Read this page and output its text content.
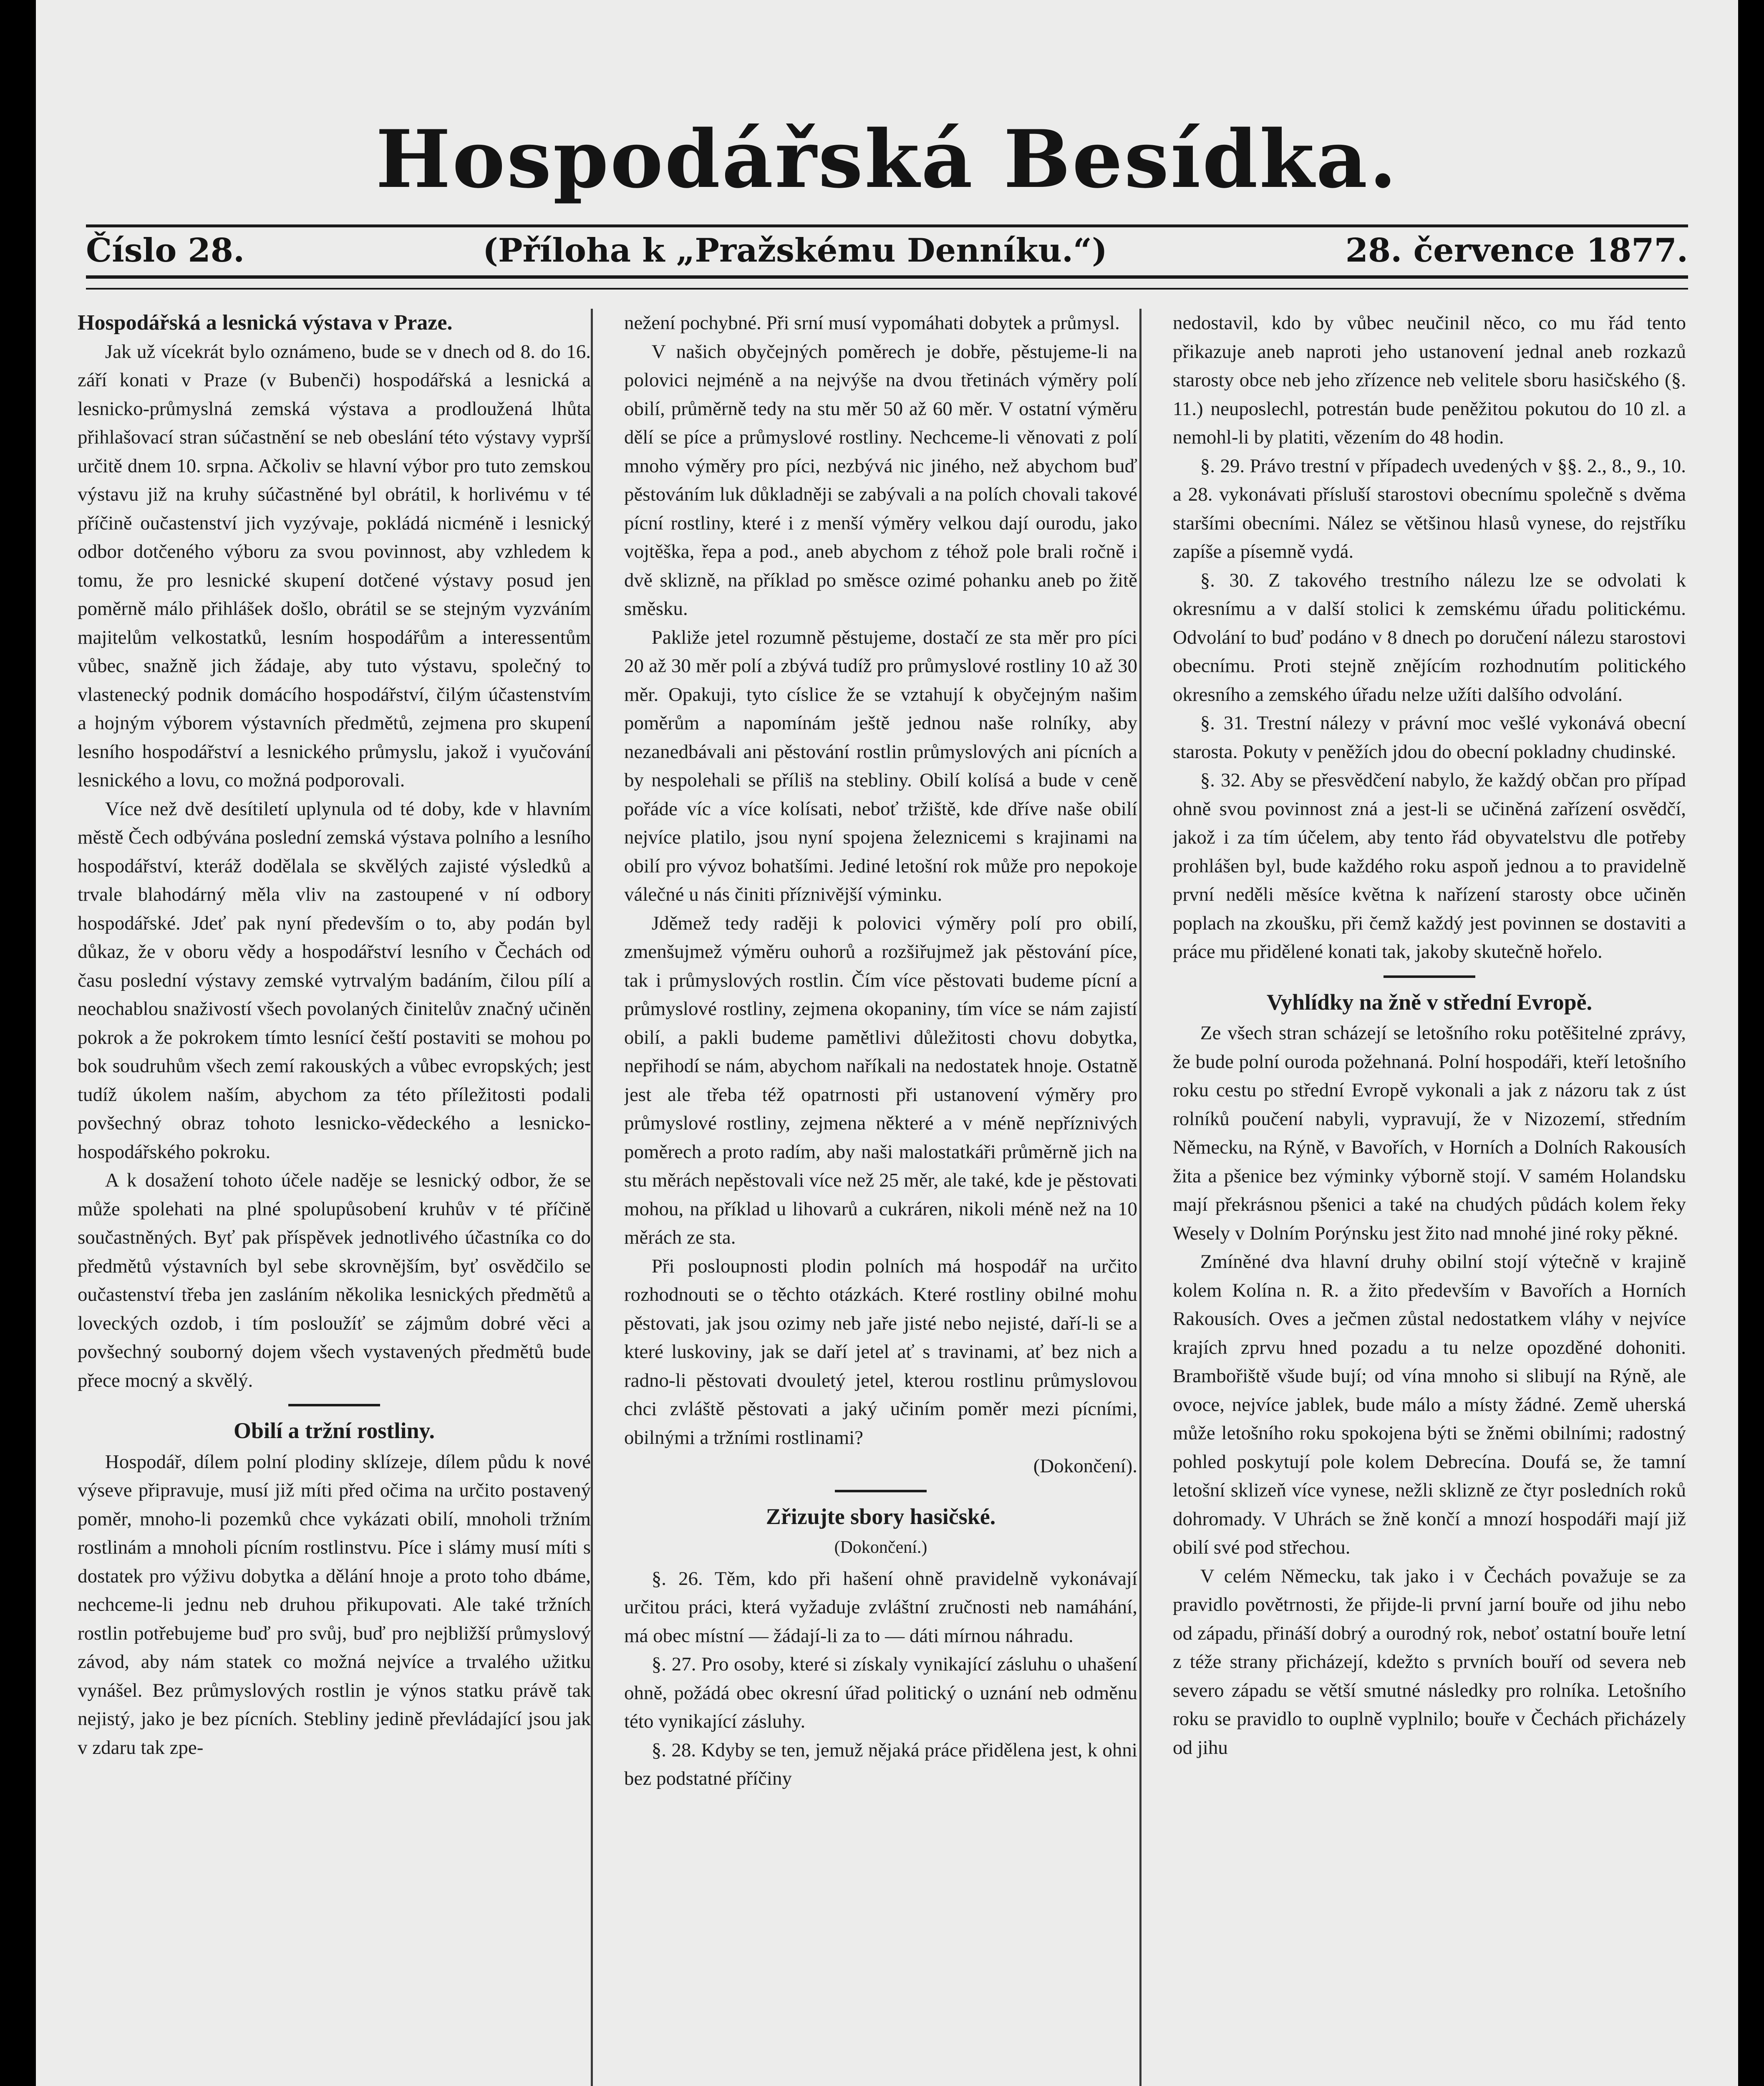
Hospodářská Besídka.
Číslo 28.	(Příloha k „Pražskému Denníku.“)	28. července 1877.

Hospodářská a lesnická výstava v Praze.

Jak už vícekrát bylo oznámeno, bude se v dnech od 8. do 16. září konati v Praze (v Bubenči) hospodářská a lesnická a lesnicko-průmyslná zemská výstava a prodloužená lhůta přihlašovací stran súčastnění se neb obeslání této výstavy vyprší určitě dnem 10. srpna. Ačkoliv se hlavní výbor pro tuto zemskou výstavu již na kruhy súčastněné byl obrátil, k horlivému v té příčině oučastenství jich vyzývaje, pokládá nicméně i lesnický odbor dotčeného výboru za svou povinnost, aby vzhledem k tomu, že pro lesnické skupení dotčené výstavy posud jen poměrně málo přihlášek došlo, obrátil se se stejným vyzváním majitelům velkostatků, lesním hospodářům a interessentům vůbec, snažně jich žádaje, aby tuto výstavu, společný to vlastenecký podnik domácího hospodářství, čilým účastenstvím a hojným výborem výstavních předmětů, zejmena pro skupení lesního hospodářství a lesnického průmyslu, jakož i vyučování lesnického a lovu, co možná podporovali.

Více než dvě desítiletí uplynula od té doby, kde v hlavním městě Čech odbývána poslední zemská výstava polního a lesního hospodářství, kteráž dodělala se skvělých zajisté výsledků a trvale blahodárný měla vliv na zastoupené v ní odbory hospodářské. Jdeť pak nyní především o to, aby podán byl důkaz, že v oboru vědy a hospodářství lesního v Čechách od času poslední výstavy zemské vytrvalým badáním, čilou pílí a neochablou snaživostí všech povolaných činitelův značný učiněn pokrok a že pokrokem tímto lesnící čeští postaviti se mohou po bok soudruhům všech zemí rakouských a vůbec evropských; jest tudíž úkolem naším, abychom za této příležitosti podali povšechný obraz tohoto lesnicko-vědeckého a lesnicko-hospodářského pokroku.

A k dosažení tohoto účele naděje se lesnický odbor, že se může spolehati na plné spolupůsobení kruhův v té příčině součastněných. Byť pak příspěvek jednotlivého účastníka co do předmětů výstavních byl sebe skrovnějším, byť osvědčilo se oučastenství třeba jen zasláním několika lesnických předmětů a loveckých ozdob, i tím posloužíť se zájmům dobré věci a povšechný souborný dojem všech vystavených předmětů bude přece mocný a skvělý.

Obilí a tržní rostliny.

Hospodář, dílem polní plodiny sklízeje, dílem půdu k nové výseve připravuje, musí již míti před očima na určito postavený poměr, mnoho-li pozemků chce vykázati obilí, mnoholi tržním rostlinám a mnoholi pícním rostlinstvu. Píce i slámy musí míti s dostatek pro výživu dobytka a dělání hnoje a proto toho dbáme, nechceme-li jednu neb druhou přikupovati. Ale také tržních rostlin potřebujeme buď pro svůj, buď pro nejbližší průmyslový závod, aby nám statek co možná nejvíce a trvalého užitku vynášel. Bez průmyslových rostlin je výnos statku právě tak nejistý, jako je bez pícních. Stebliny jedině převládající jsou jak v zdaru tak zpe-

nežení pochybné. Při srní musí vypomáhati dobytek a průmysl.

V našich obyčejných poměrech je dobře, pěstujeme-li na polovici nejméně a na nejvýše na dvou třetinách výměry polí obilí, průměrně tedy na stu měr 50 až 60 měr. V ostatní výměru dělí se píce a průmyslové rostliny. Nechceme-li věnovati z polí mnoho výměry pro píci, nezbývá nic jiného, než abychom buď pěstováním luk důkladněji se zabývali a na polích chovali takové pícní rostliny, které i z menší výměry velkou dají ourodu, jako vojtěška, řepa a pod., aneb abychom z téhož pole brali ročně i dvě sklizně, na příklad po směsce ozimé pohanku aneb po žitě směsku.

Pakliže jetel rozumně pěstujeme, dostačí ze sta měr pro píci 20 až 30 měr polí a zbývá tudíž pro průmyslové rostliny 10 až 30 měr. Opakuji, tyto císlice že se vztahují k obyčejným našim poměrům a napomínám ještě jednou naše rolníky, aby nezanedbávali ani pěstování rostlin průmyslových ani pícních a by nespolehali se příliš na stebliny. Obilí kolísá a bude v ceně pořáde víc a více kolísati, neboť tržiště, kde dříve naše obilí nejvíce platilo, jsou nyní spojena železnicemi s krajinami na obilí pro vývoz bohatšími. Jediné letošní rok může pro nepokoje válečné u nás činiti příznivější výminku.

Jděmež tedy raději k polovici výměry polí pro obilí, zmenšujmež výměru ouhorů a rozšiřujmež jak pěstování píce, tak i průmyslových rostlin. Čím více pěstovati budeme pícní a průmyslové rostliny, zejmena okopaniny, tím více se nám zajistí obilí, a pakli budeme pamětlivi důležitosti chovu dobytka, nepřihodí se nám, abychom naříkali na nedostatek hnoje. Ostatně jest ale třeba též opatrnosti při ustanovení výměry pro průmyslové rostliny, zejmena některé a v méně nepříznivých poměrech a proto radím, aby naši malostatkáři průměrně jich na stu měrách nepěstovali více než 25 měr, ale také, kde je pěstovati mohou, na příklad u lihovarů a cukráren, nikoli méně než na 10 měrách ze sta.

Při posloupnosti plodin polních má hospodář na určito rozhodnouti se o těchto otázkách. Které rostliny obilné mohu pěstovati, jak jsou ozimy neb jaře jisté nebo nejisté, daří-li se a které luskoviny, jak se daří jetel ať s travinami, ať bez nich a radno-li pěstovati dvouletý jetel, kterou rostlinu průmyslovou chci zvláště pěstovati a jaký učiním poměr mezi pícními, obilnými a tržními rostlinami?

(Dokončení).

Zřizujte sbory hasičské.

(Dokončení.)

§. 26. Těm, kdo při hašení ohně pravidelně vykonávají určitou práci, která vyžaduje zvláštní zručnosti neb namáhání, má obec místní — žádají-li za to — dáti mírnou náhradu.

§. 27. Pro osoby, které si získaly vynikající zásluhu o uhašení ohně, požádá obec okresní úřad politický o uznání neb odměnu této vynikající zásluhy.

§. 28. Kdyby se ten, jemuž nějaká práce přidělena jest, k ohni bez podstatné příčiny

nedostavil, kdo by vůbec neučinil něco, co mu řád tento přikazuje aneb naproti jeho ustanovení jednal aneb rozkazů starosty obce neb jeho zřízence neb velitele sboru hasičského (§. 11.) neuposlechl, potrestán bude peněžitou pokutou do 10 zl. a nemohl-li by platiti, vězením do 48 hodin.

§. 29. Právo trestní v případech uvedených v §§. 2., 8., 9., 10. a 28. vykonávati přísluší starostovi obecnímu společně s dvěma staršími obecními. Nález se většinou hlasů vynese, do rejstříku zapíše a písemně vydá.

§. 30. Z takového trestního nálezu lze se odvolati k okresnímu a v další stolici k zemskému úřadu politickému. Odvolání to buď podáno v 8 dnech po doručení nálezu starostovi obecnímu. Proti stejně znějícím rozhodnutím politického okresního a zemského úřadu nelze užíti dalšího odvolání.

§. 31. Trestní nálezy v právní moc vešlé vykonává obecní starosta. Pokuty v peněžích jdou do obecní pokladny chudinské.

§. 32. Aby se přesvědčení nabylo, že každý občan pro případ ohně svou povinnost zná a jest-li se učiněná zařízení osvědčí, jakož i za tím účelem, aby tento řád obyvatelstvu dle potřeby prohlášen byl, bude každého roku aspoň jednou a to pravidelně první neděli měsíce května k nařízení starosty obce učiněn poplach na zkoušku, při čemž každý jest povinnen se dostaviti a práce mu přidělené konati tak, jakoby skutečně hořelo.

Vyhlídky na žně v střední Evropě.

Ze všech stran scházejí se letošního roku potěšitelné zprávy, že bude polní ouroda požehnaná. Polní hospodáři, kteří letošního roku cestu po střední Evropě vykonali a jak z názoru tak z úst rolníků poučení nabyli, vypravují, že v Nizozemí, středním Německu, na Rýně, v Bavořích, v Horních a Dolních Rakousích žita a pšenice bez výminky výborně stojí. V samém Holandsku mají překrásnou pšenici a také na chudých půdách kolem řeky Wesely v Dolním Porýnsku jest žito nad mnohé jiné roky pěkné.

Zmíněné dva hlavní druhy obilní stojí výtečně v krajině kolem Kolína n. R. a žito především v Bavořích a Horních Rakousích. Oves a ječmen zůstal nedostatkem vláhy v nejvíce krajích zprvu hned pozadu a tu nelze opozděné dohoniti. Brambořiště všude bují; od vína mnoho si slibují na Rýně, ale ovoce, nejvíce jablek, bude málo a místy žádné. Země uherská může letošního roku spokojena býti se žněmi obilními; radostný pohled poskytují pole kolem Debrecína. Doufá se, že tamní letošní sklizeň více vynese, nežli sklizně ze čtyr posledních roků dohromady. V Uhrách se žně končí a mnozí hospodáři mají již obilí své pod střechou.

V celém Německu, tak jako i v Čechách považuje se za pravidlo povětrnosti, že přijde-li první jarní bouře od jihu nebo od západu, přináší dobrý a ourodný rok, neboť ostatní bouře letní z téže strany přicházejí, kdežto s prvních bouří od severa neb severo západu se větší smutné následky pro rolníka. Letošního roku se pravidlo to ouplně vyplnilo; bouře v Čechách přicházely od jihu
